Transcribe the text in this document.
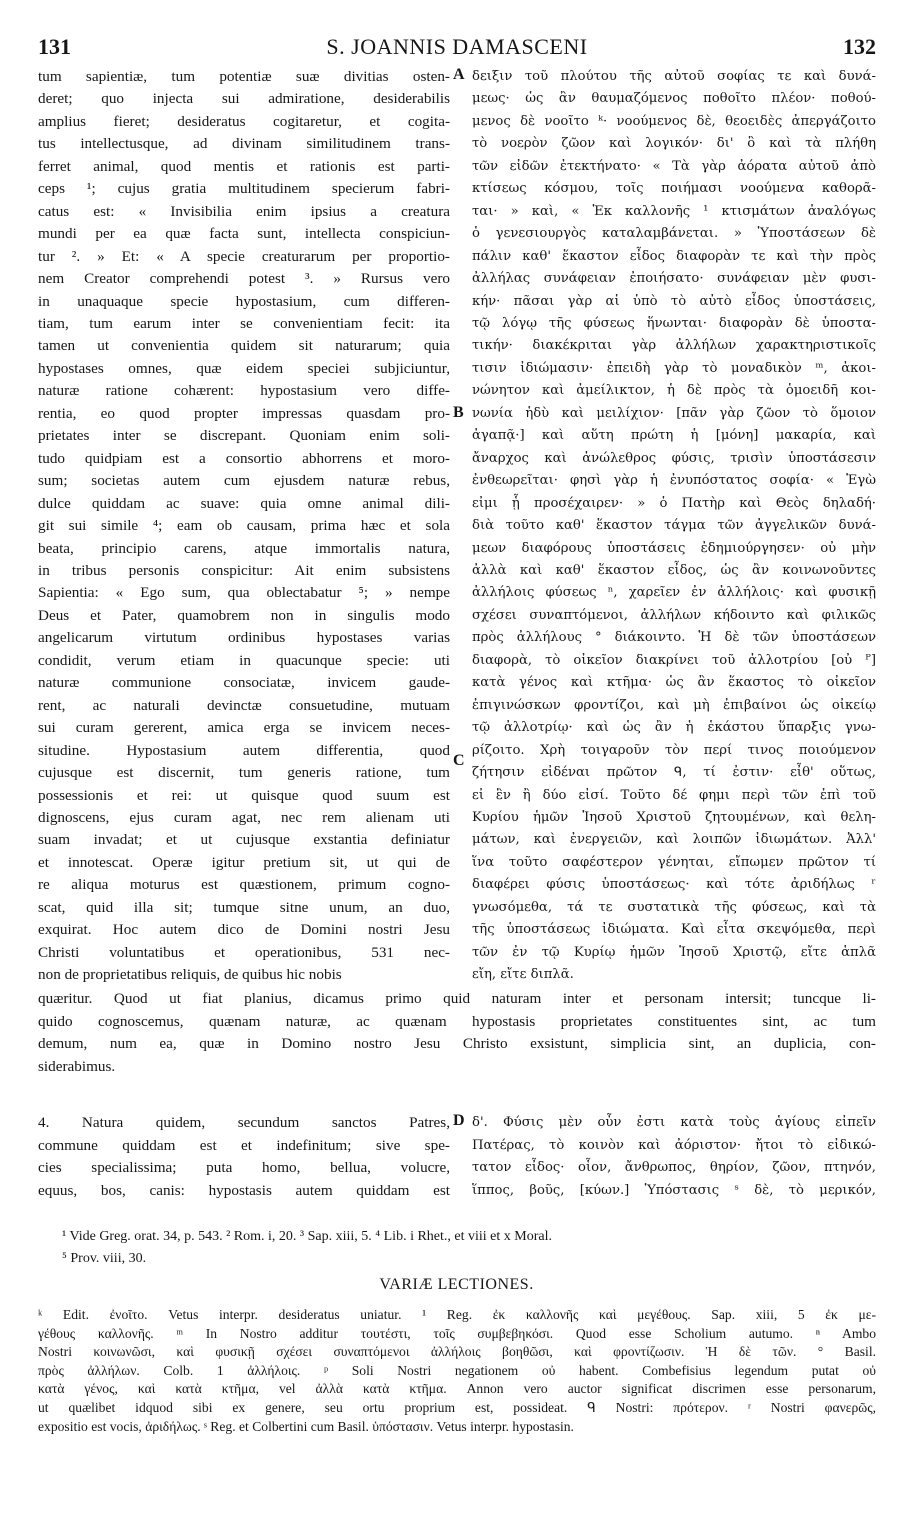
131	S. JOANNIS DAMASCENI	132
tum sapientiæ, tum potentiæ suæ divitias osten-
deret; quo injecta sui admiratione, desiderabilis
amplius fieret; desideratus cogitaretur, et cogita-
tus intellectusque, ad divinam similitudinem trans-
ferret animal, quod mentis et rationis est parti-
ceps ¹; cujus gratia multitudinem specierum fabri-
catus est: « Invisibilia enim ipsius a creatura
mundi per ea quæ facta sunt, intellecta conspiciun-
tur ². » Et: « A specie creaturarum per proportio-
nem Creator comprehendi potest ³. » Rursus vero
in unaquaque specie hypostasium, cum differen-
tiam, tum earum inter se convenientiam fecit: ita
tamen ut convenientia quidem sit naturarum; quia
hypostases omnes, quæ eidem speciei subjiciuntur,
naturæ ratione cohærent: hypostasium vero diffe-
rentia, eo quod propter impressas quasdam pro-
prietates inter se discrepant. Quoniam enim soli-
tudo quidpiam est a consortio abhorrens et moro-
sum; societas autem cum ejusdem naturæ rebus,
dulce quiddam ac suave: quia omne animal dili-
git sui simile ⁴; eam ob causam, prima hæc et sola
beata, principio carens, atque immortalis natura,
in tribus personis conspicitur: Ait enim subsistens
Sapientia: « Ego sum, qua oblectabatur ⁵; » nempe
Deus et Pater, quamobrem non in singulis modo
angelicarum virtutum ordinibus hypostases varias
condidit, verum etiam in quacunque specie: uti
naturæ communione consociatæ, invicem gaude-
rent, ac naturali devinctæ consuetudine, mutuam
sui curam gererent, amica erga se invicem neces-
situdine. Hypostasium autem differentia, quod
cujusque est discernit, tum generis ratione, tum
possessionis et rei: ut quisque quod suum est
dignoscens, ejus curam agat, nec rem alienam uti
suam invadat; et ut cujusque exstantia definiatur
et innotescat. Operæ igitur pretium sit, ut qui de
re aliqua moturus est quæstionem, primum cogno-
scat, quid illa sit; tumque sitne unum, an duo,
exquirat. Hoc autem dico de Domini nostri Jesu
Christi voluntatibus et operationibus, 531 nec-
non de proprietatibus reliquis, de quibus hic nobis
δειξιν τοῦ πλούτου τῆς αὐτοῦ σοφίας τε καὶ δυνά-
μεως· ὡς ἂν θαυμαζόμενος ποθοῖτο πλέον· ποθού-
μενος δὲ νοοῖτο ᵏ· νοούμενος δὲ, θεοειδὲς ἀπεργάζοιτο
τὸ νοερὸν ζῶον καὶ λογικόν· δι' ὃ καὶ τὰ πλήθη
τῶν εἰδῶν ἐτεκτήνατο· « Τὰ γὰρ ἀόρατα αὐτοῦ ἀπὸ
κτίσεως κόσμου, τοῖς ποιήμασι νοούμενα καθορᾶ-
ται· » καὶ, « Ἐκ καλλονῆς ¹ κτισμάτων ἀναλόγως
ὁ γενεσιουργὸς καταλαμβάνεται. » Ὑποστάσεων δὲ
πάλιν καθ' ἕκαστον εἶδος διαφορὰν τε καὶ τὴν πρὸς
ἀλλήλας συνάφειαν ἐποιήσατο· συνάφειαν μὲν φυσι-
κήν· πᾶσαι γὰρ αἱ ὑπὸ τὸ αὐτὸ εἶδος ὑποστάσεις,
τῷ λόγῳ τῆς φύσεως ἥνωνται· διαφορὰν δὲ ὑποστα-
τικήν· διακέκριται γὰρ ἀλλήλων χαρακτηριστικοῖς
τισιν ἰδιώμασιν· ἐπειδὴ γὰρ τὸ μοναδικὸν ᵐ, ἀκοι-
νώνητον καὶ ἀμείλικτον, ἡ δὲ πρὸς τὰ ὁμοειδῆ κοι-
νωνία ἡδὺ καὶ μειλίχιον· [πᾶν γὰρ ζῶον τὸ ὅμοιον
ἀγαπᾷ·] καὶ αὕτη πρώτη ἡ [μόνη] μακαρία, καὶ
ἄναρχος καὶ ἀνώλεθρος φύσις, τρισὶν ὑποστάσεσιν
ἐνθεωρεῖται· φησὶ γὰρ ἡ ἐνυπόστατος σοφία· « Ἐγὼ
εἰμι ᾗ προσέχαιρεν· » ὁ Πατὴρ καὶ Θεὸς δηλαδή·
διὰ τοῦτο καθ' ἕκαστον τάγμα τῶν ἀγγελικῶν δυνά-
μεων διαφόρους ὑποστάσεις ἐδημιούργησεν· οὐ μὴν
ἀλλὰ καὶ καθ' ἕκαστον εἶδος, ὡς ἂν κοινωνοῦντες
ἀλλήλοις φύσεως ⁿ, χαρεῖεν ἐν ἀλλήλοις· καὶ φυσικῇ
σχέσει συναπτόμενοι, ἀλλήλων κήδοιντο καὶ φιλικῶς
πρὸς ἀλλήλους ° διάκοιντο. Ἡ δὲ τῶν ὑποστάσεων
διαφορὰ, τὸ οἰκεῖον διακρίνει τοῦ ἀλλοτρίου [οὐ ᴾ]
κατὰ γένος καὶ κτῆμα· ὡς ἂν ἕκαστος τὸ οἰκεῖον
ἐπιγινώσκων φροντίζοι, καὶ μὴ ἐπιβαίνοι ὡς οἰκείῳ
τῷ ἀλλοτρίῳ· καὶ ὡς ἂν ἡ ἑκάστου ὕπαρξις γνω-
ρίζοιτο. Χρὴ τοιγαροῦν τὸν περί τινος ποιούμενον
ζήτησιν εἰδέναι πρῶτον ᑫ, τί ἐστιν· εἶθ' οὕτως,
εἰ ἓν ἢ δύο εἰσί. Τοῦτο δέ φημι περὶ τῶν ἐπὶ τοῦ
Κυρίου ἡμῶν Ἰησοῦ Χριστοῦ ζητουμένων, καὶ θελη-
μάτων, καὶ ἐνεργειῶν, καὶ λοιπῶν ἰδιωμάτων. Ἀλλ'
ἵνα τοῦτο σαφέστερον γένηται, εἴπωμεν πρῶτον τί
διαφέρει φύσις ὑποστάσεως· καὶ τότε ἀριδήλως ʳ
γνωσόμεθα, τά τε συστατικὰ τῆς φύσεως, καὶ τὰ
τῆς ὑποστάσεως ἰδιώματα. Καὶ εἶτα σκεψόμεθα, περὶ
τῶν ἐν τῷ Κυρίῳ ἡμῶν Ἰησοῦ Χριστῷ, εἴτε ἁπλᾶ
εἴη, εἴτε διπλᾶ.
A
B
C
D
quæritur. Quod ut fiat planius, dicamus primo quid naturam inter et personam intersit; tuncque li-
quido cognoscemus, quænam naturæ, ac quænam hypostasis proprietates constituentes sint, ac tum
demum, num ea, quæ in Domino nostro Jesu Christo exsistunt, simplicia sint, an duplicia, con-
siderabimus.
4. Natura quidem, secundum sanctos Patres,
commune quiddam est et indefinitum; sive spe-
cies specialissima; puta homo, bellua, volucre,
equus, bos, canis: hypostasis autem quiddam est
δ'. Φύσις μὲν οὖν ἐστι κατὰ τοὺς ἁγίους εἰπεῖν
Πατέρας, τὸ κοινὸν καὶ ἀόριστον· ἤτοι τὸ εἰδικώ-
τατον εἶδος· οἷον, ἄνθρωπος, θηρίον, ζῶον, πτηνόν,
ἵππος, βοῦς, [κύων.] Ὑπόστασις ˢ δὲ, τὸ μερικόν,
¹ Vide Greg. orat. 34, p. 543. ² Rom. i, 20. ³ Sap. xiii, 5. ⁴ Lib. i Rhet., et viii et x Moral.
⁵ Prov. viii, 30.
VARIÆ LECTIONES.
ᵏ Edit. ἐνοῖτο. Vetus interpr. desideratus uniatur. ¹ Reg. ἐκ καλλονῆς καὶ μεγέθους. Sap. xiii, 5 ἐκ με-
γέθους καλλονῆς. ᵐ In Nostro additur τουτέστι, τοῖς συμβεβηκόσι. Quod esse Scholium autumo. ⁿ Ambo
Nostri κοινωνῶσι, καὶ φυσικῇ σχέσει συναπτόμενοι ἀλλήλοις βοηθῶσι, καὶ φροντίζωσιν. Ἡ δὲ τῶν. ° Basil.
πρὸς ἀλλήλων. Colb. 1 ἀλλήλοις. ᵖ Soli Nostri negationem οὐ habent. Combefisius legendum putat οὐ
κατὰ γένος, καὶ κατὰ κτῆμα, vel ἀλλὰ κατὰ κτῆμα. Annon vero auctor significat discrimen esse personarum,
ut quælibet idquod sibi ex genere, seu ortu proprium est, possideat. ᑫ Nostri: πρότερον. ʳ Nostri φανερῶς,
expositio est vocis, ἀριδήλως. ˢ Reg. et Colbertini cum Basil. ὑπόστασιν. Vetus interpr. hypostasin.
